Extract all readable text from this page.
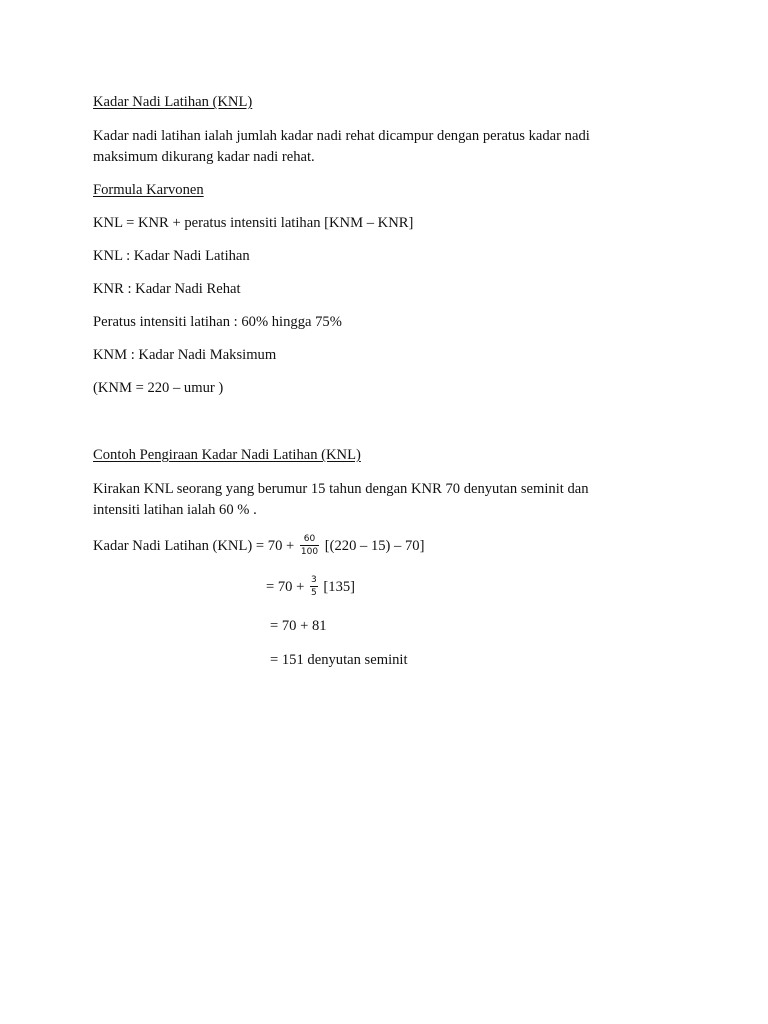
Kadar Nadi Latihan (KNL)
Kadar nadi latihan ialah jumlah kadar nadi rehat dicampur dengan peratus kadar nadi
maksimum dikurang kadar nadi rehat.
Formula Karvonen
KNL = KNR + peratus intensiti latihan [KNM – KNR]
KNL : Kadar Nadi Latihan
KNR : Kadar Nadi Rehat
Peratus intensiti latihan : 60% hingga 75%
KNM : Kadar Nadi Maksimum
(KNM = 220 – umur )
Contoh Pengiraan Kadar Nadi Latihan (KNL)
Kirakan KNL seorang yang berumur 15 tahun dengan KNR 70 denyutan seminit dan
intensiti latihan ialah 60 % .
Kadar Nadi Latihan $(KNL) = 70 + \frac{60}{100} [(220 - 15) - 70]$
= $70 + \frac{3}{5} [135]$
= 70 + 81
= 151 denyutan seminit
